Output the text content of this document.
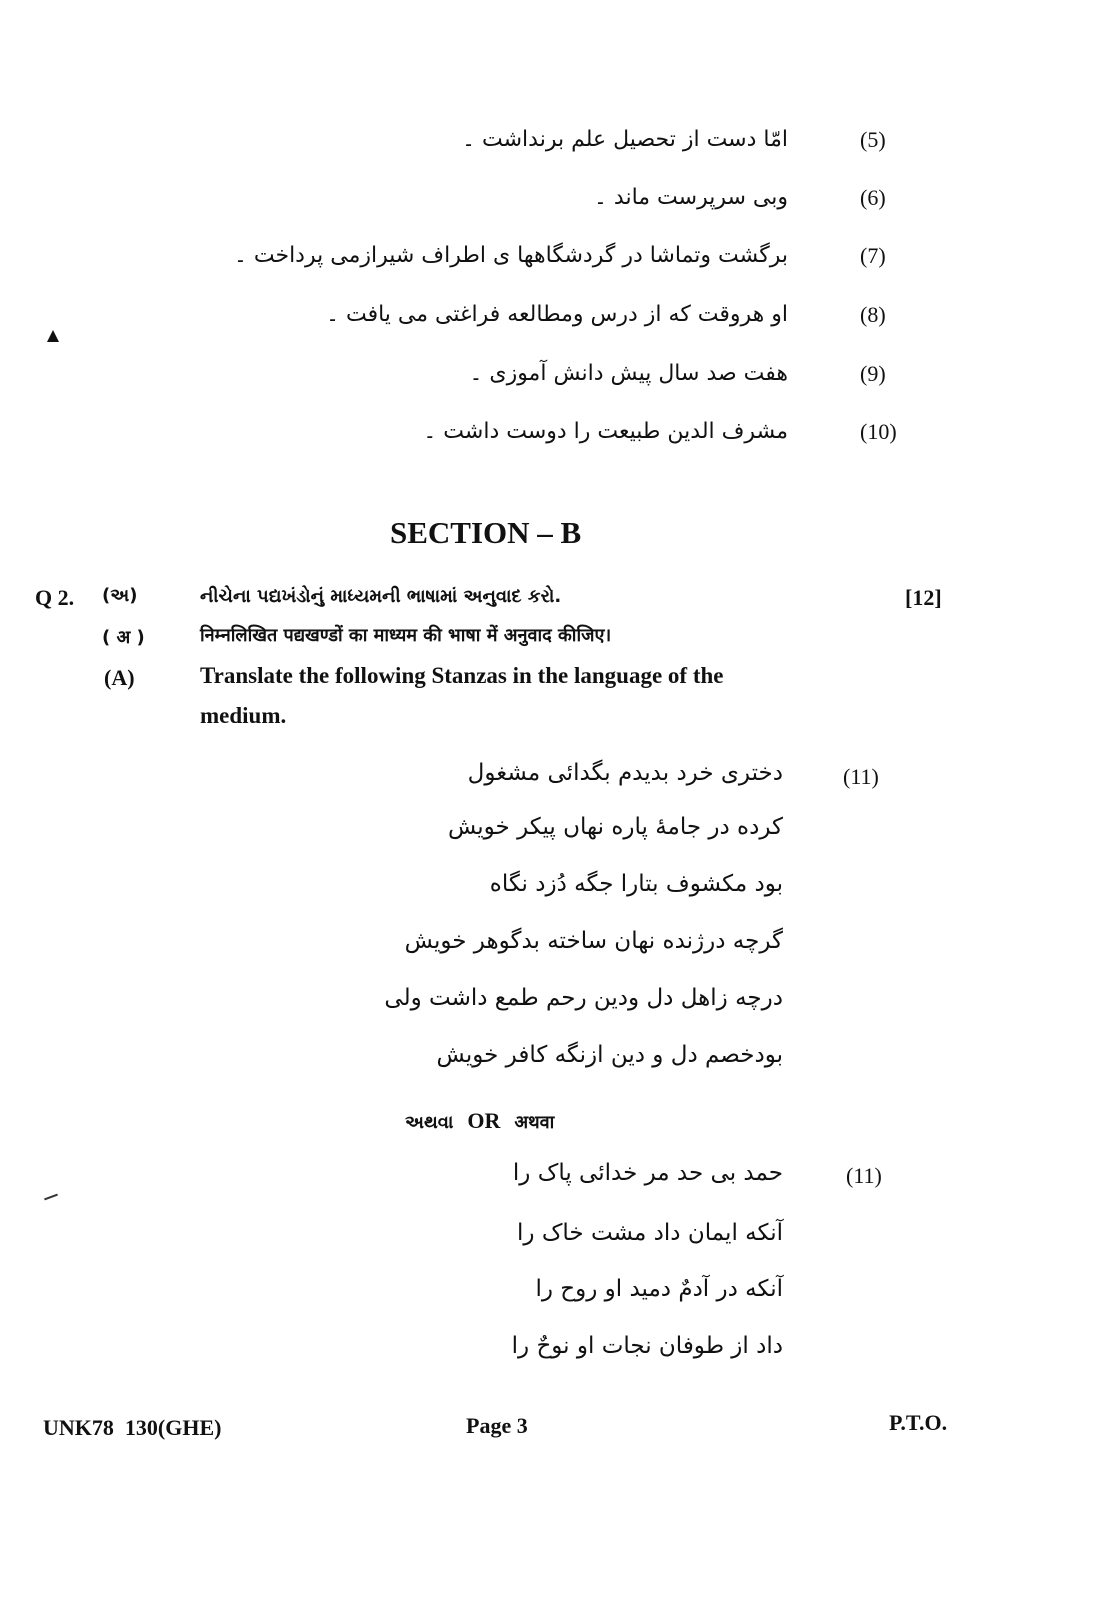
امّا دست از تحصیل علم برنداشت ۔	(5)
وبی سرپرست ماند ۔	(6)
برگشت وتماشا در گردشگاهها ی اطراف شیرازمی پرداخت ۔	(7)
او هروقت که از درس ومطالعه فراغتی می یافت ۔	(8)
هفت صد سال پیش دانش آموزی ۔	(9)
مشرف الدین طبیعت را دوست داشت ۔	(10)
SECTION – B
Q 2. (અ)	નીચેના પદ્યખંડોનું માધ્યમની ભાષામાં અનુવાદ કરો.	[12]
( अ )	निम्नलिखित पद्यखण्डों का माध्यम की भाषा में अनुवाद कीजिए।
(A)	Translate the following Stanzas in the language of the
medium.
(11)
دختری خرد بدیدم بگدائی مشغول
کرده در جامهٔ پاره نهاں پیکر خویش
بود مکشوف بتارا جگه دُزد نگاه
گرچه درژنده نهان ساخته بدگوهر خویش
درچه زاهل دل ودین رحم طمع داشت ولی
بودخصم دل و دین ازنگه کافر خویش
અથવા OR अथवा
(11)
حمد بی حد مر خدائی پاک را
آنکه ایمان داد مشت خاک را
آنکه در آدمٌ دمید او روح را
داد از طوفان نجات او نوحٌ را
UNK78  130(GHE)	Page 3	P.T.O.
